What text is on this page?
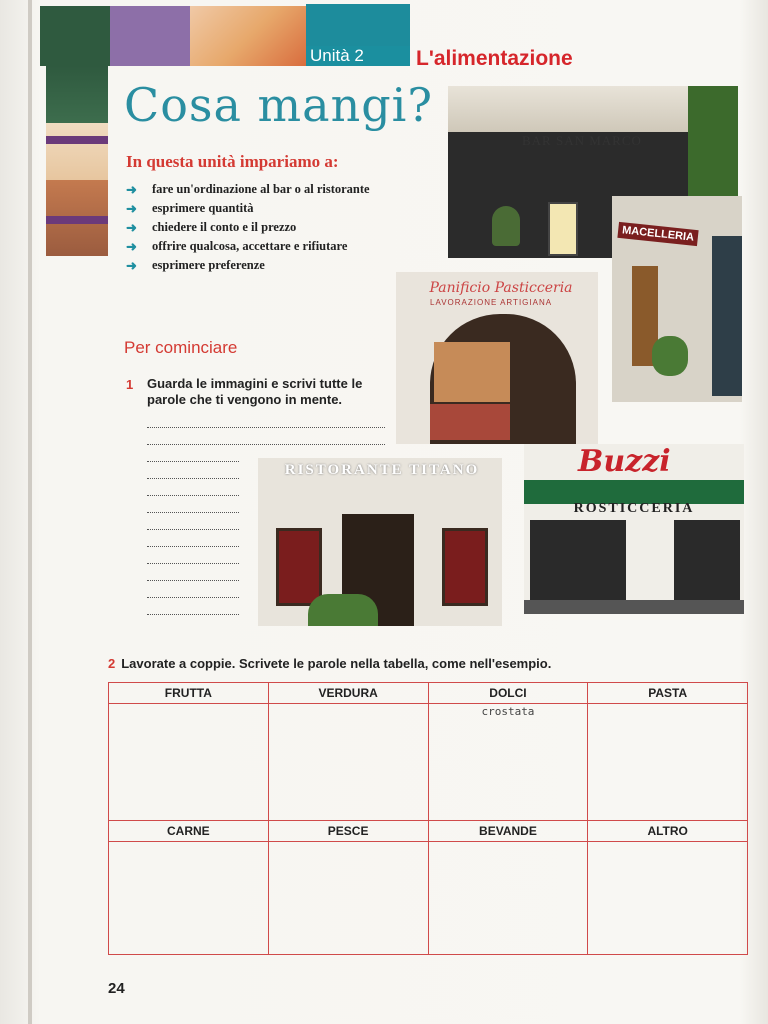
Unità 2	L'alimentazione
Cosa mangi?
In questa unità impariamo a:
➜ fare un'ordinazione al bar o al ristorante
➜ esprimere quantità
➜ chiedere il conto e il prezzo
➜ offrire qualcosa, accettare e rifiutare
➜ esprimere preferenze
Per cominciare
1 Guarda le immagini e scrivi tutte le parole che ti vengono in mente.
BAR SAN MARCO
MACELLERIA
Panificio Pasticceria
LAVORAZIONE ARTIGIANA
RISTORANTE TITANO	Buzzi
ROSTICCERIA
2 Lavorate a coppie. Scrivete le parole nella tabella, come nell'esempio.
FRUTTA	VERDURA	DOLCI	PASTA

		crostata	

CARNE	PESCE	BEVANDE	ALTRO

24
